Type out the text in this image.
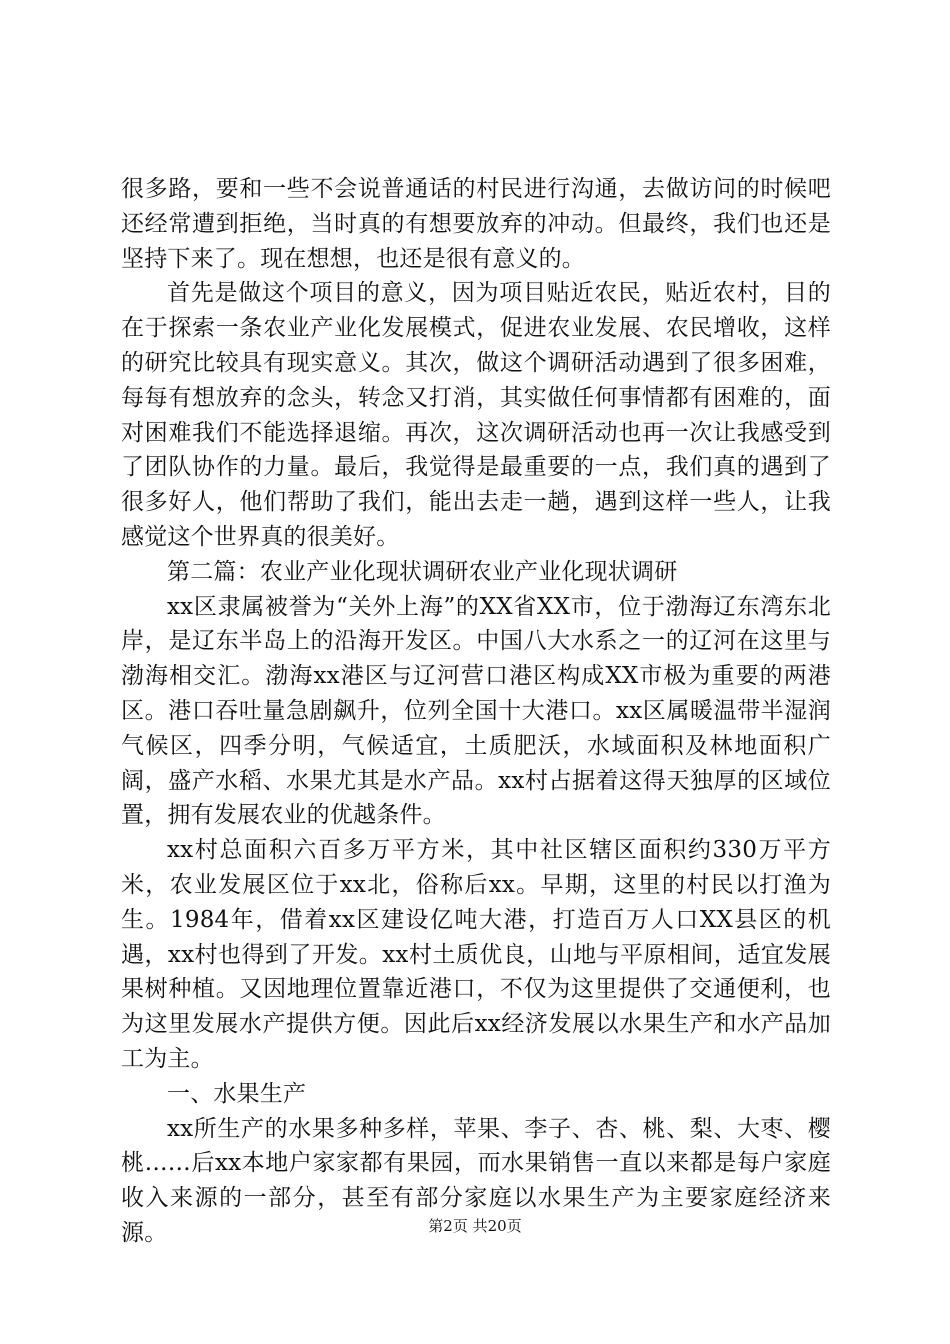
很多路，要和一些不会说普通话的村民进行沟通，去做访问的时候吧还经常遭到拒绝，当时真的有想要放弃的冲动。但最终，我们也还是坚持下来了。现在想想，也还是很有意义的。

首先是做这个项目的意义，因为项目贴近农民，贴近农村，目的在于探索一条农业产业化发展模式，促进农业发展、农民增收，这样的研究比较具有现实意义。其次，做这个调研活动遇到了很多困难，每每有想放弃的念头，转念又打消，其实做任何事情都有困难的，面对困难我们不能选择退缩。再次，这次调研活动也再一次让我感受到了团队协作的力量。最后，我觉得是最重要的一点，我们真的遇到了很多好人，他们帮助了我们，能出去走一趟，遇到这样一些人，让我感觉这个世界真的很美好。

第二篇：农业产业化现状调研农业产业化现状调研

xx区隶属被誉为“关外上海”的XX省XX市，位于渤海辽东湾东北岸，是辽东半岛上的沿海开发区。中国八大水系之一的辽河在这里与渤海相交汇。渤海xx港区与辽河营口港区构成XX市极为重要的两港区。港口吞吐量急剧飙升，位列全国十大港口。xx区属暖温带半湿润气候区，四季分明，气候适宜，土质肥沃，水域面积及林地面积广阔，盛产水稻、水果尤其是水产品。xx村占据着这得天独厚的区域位置，拥有发展农业的优越条件。

xx村总面积六百多万平方米，其中社区辖区面积约330万平方米，农业发展区位于xx北，俗称后xx。早期，这里的村民以打渔为生。1984年，借着xx区建设亿吨大港，打造百万人口XX县区的机遇，xx村也得到了开发。xx村土质优良，山地与平原相间，适宜发展果树种植。又因地理位置靠近港口，不仅为这里提供了交通便利，也为这里发展水产提供方便。因此后xx经济发展以水果生产和水产品加工为主。

一、水果生产

xx所生产的水果多种多样，苹果、李子、杏、桃、梨、大枣、樱桃……后xx本地户家家都有果园，而水果销售一直以来都是每户家庭收入来源的一部分，甚至有部分家庭以水果生产为主要家庭经济来源。	第2页 共20页
